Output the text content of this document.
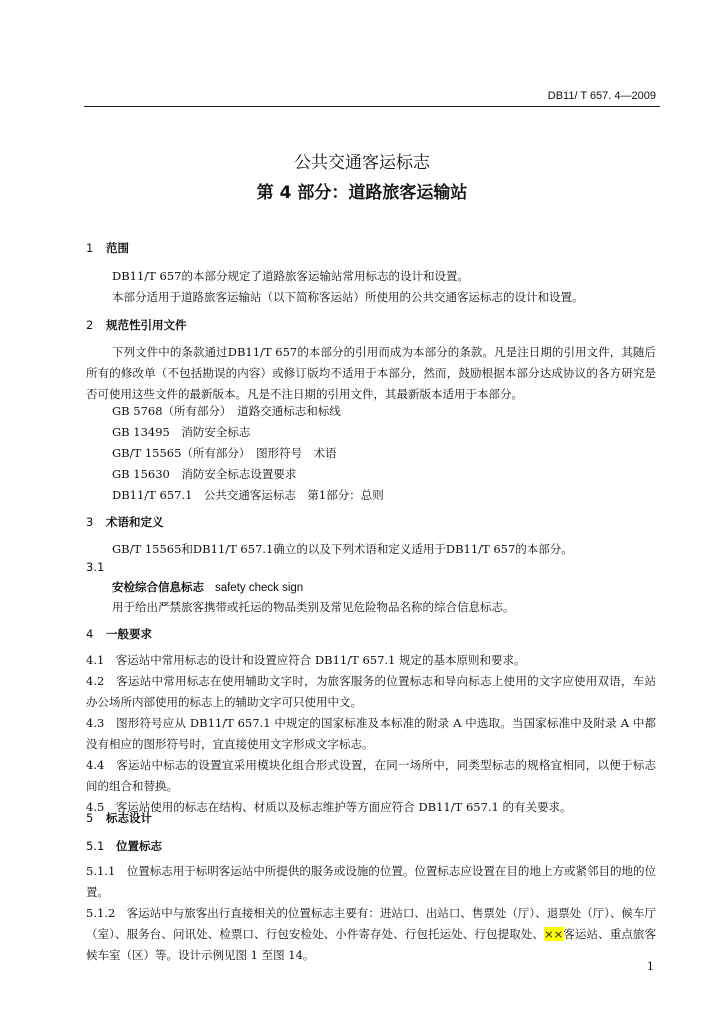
DB11/ T 657. 4—2009
公共交通客运标志
第 4 部分：道路旅客运输站
1 范围
DB11/T 657的本部分规定了道路旅客运输站常用标志的设计和设置。
本部分适用于道路旅客运输站（以下简称客运站）所使用的公共交通客运标志的设计和设置。
2 规范性引用文件
下列文件中的条款通过DB11/T 657的本部分的引用而成为本部分的条款。凡是注日期的引用文件，其随后所有的修改单（不包括勘误的内容）或修订版均不适用于本部分，然而，鼓励根据本部分达成协议的各方研究是否可使用这些文件的最新版本。凡是不注日期的引用文件，其最新版本适用于本部分。
GB 5768（所有部分）　道路交通标志和标线
GB 13495　消防安全标志
GB/T 15565（所有部分）　图形符号　术语
GB 15630　消防安全标志设置要求
DB11/T 657.1　公共交通客运标志　第1部分：总则
3 术语和定义
GB/T 15565和DB11/T 657.1确立的以及下列术语和定义适用于DB11/T 657的本部分。
3.1
安检综合信息标志 safety check sign
用于给出严禁旅客携带或托运的物品类别及常见危险物品名称的综合信息标志。
4 一般要求
4.1　客运站中常用标志的设计和设置应符合 DB11/T 657.1 规定的基本原则和要求。
4.2　客运站中常用标志在使用辅助文字时，为旅客服务的位置标志和导向标志上使用的文字应使用双语，车站办公场所内部使用的标志上的辅助文字可只使用中文。
4.3　图形符号应从 DB11/T 657.1 中规定的国家标准及本标准的附录 A 中选取。当国家标准中及附录 A 中都没有相应的图形符号时，宜直接使用文字形成文字标志。
4.4　客运站中标志的设置宜采用模块化组合形式设置，在同一场所中，同类型标志的规格宜相同，以便于标志间的组合和替换。
4.5　客运站使用的标志在结构、材质以及标志维护等方面应符合 DB11/T 657.1 的有关要求。
5 标志设计
5.1 位置标志
5.1.1　位置标志用于标明客运站中所提供的服务或设施的位置。位置标志应设置在目的地上方或紧邻目的地的位置。
5.1.2　客运站中与旅客出行直接相关的位置标志主要有：进站口、出站口、售票处（厅）、退票处（厅）、候车厅（室）、服务台、问讯处、检票口、行包安检处、小件寄存处、行包托运处、行包提取处、××客运站、重点旅客候车室（区）等。设计示例见图 1 至图 14。
1
